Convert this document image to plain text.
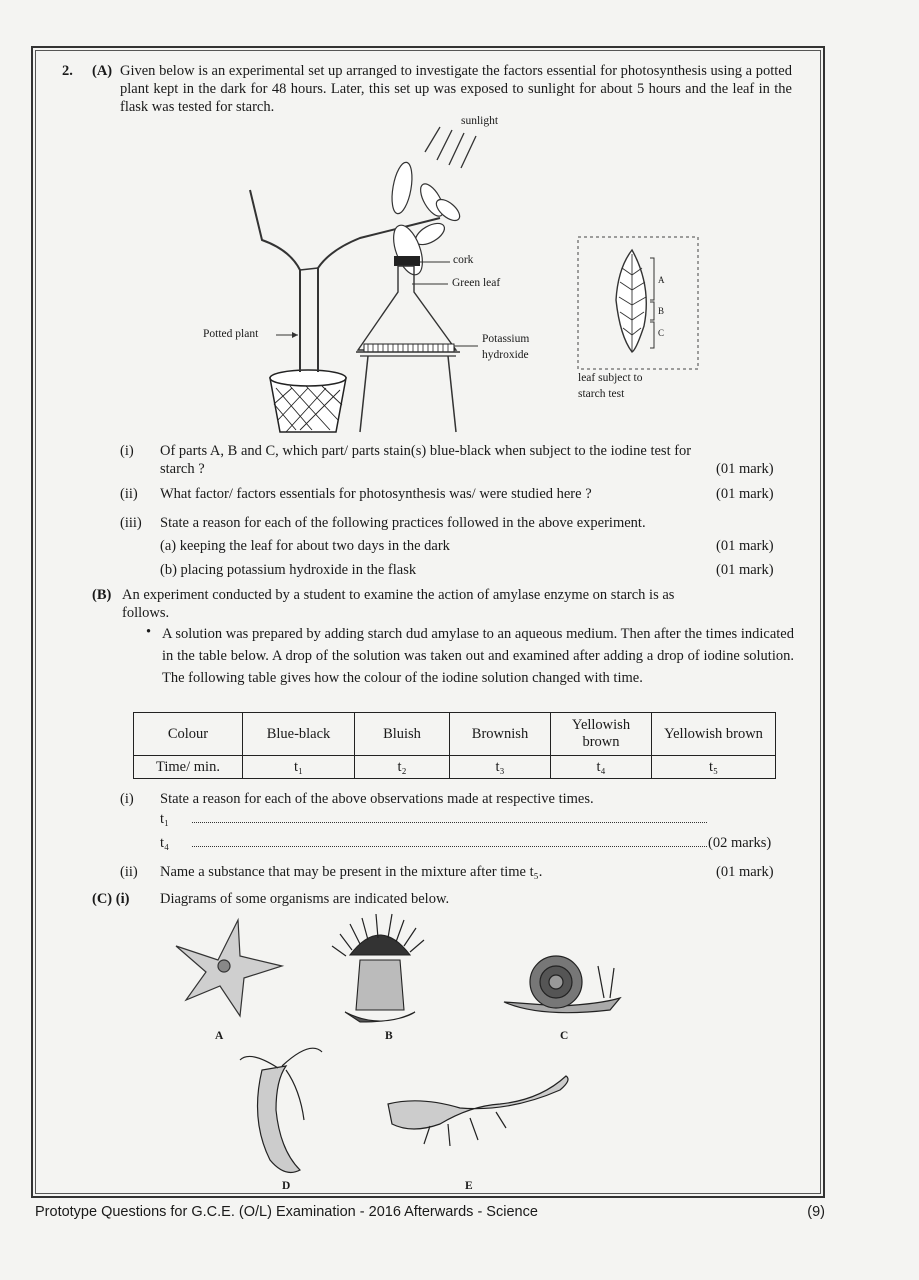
2. (A) Given below is an experimental set up arranged to investigate the factors essential for photosynthesis using a potted plant kept in the dark for 48 hours. Later, this set up was exposed to sunlight for about 5 hours and the leaf in the flask was tested for starch.
sunlight
cork
Green leaf
Potted plant	Potassium
hydroxide
leaf subject to
starch test
A
B
C
(i) Of parts A, B and C, which part/ parts stain(s) blue-black when subject to the iodine test for
starch ?	(01 mark)
(ii) What factor/ factors essentials for photosynthesis was/ were studied here ?	(01 mark)
(iii) State a reason for each of the following practices followed in the above experiment.
(a) keeping the leaf for about two days in the dark	(01 mark)
(b) placing potassium hydroxide in the flask	(01 mark)
(B) An experiment conducted by a student to examine the action of amylase enzyme on starch is as
follows.
• A solution was prepared by adding starch dud amylase to an aqueous medium. Then after the times indicated in the table below. A drop of the solution was taken out and examined after adding a drop of iodine solution. The following table gives how the colour of the iodine solution changed with time.
Colour	Blue-black	Bluish	Brownish	Yellowish brown	Yellowish brown
Time/ min.	t₁	t₂	t₃	t₄	t₅
(i) State a reason for each of the above observations made at respective times.
t₁
t₄	(02 marks)
(ii) Name a substance that may be present in the mixture after time t₅.	(01 mark)
(C) (i) Diagrams of some organisms are indicated below.
A	B	C
D	E
Prototype Questions for G.C.E. (O/L) Examination - 2016 Afterwards - Science	(9)
